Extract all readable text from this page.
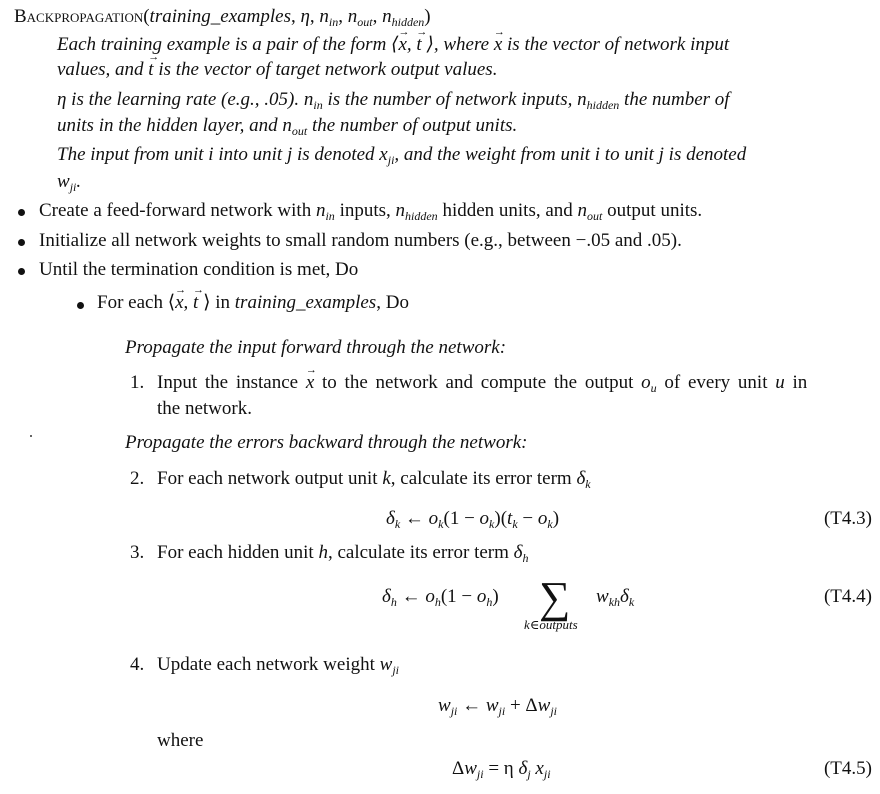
Backpropagation(training_examples, η, $n_{in}$, $n_{out}$, $n_{hidden}$)
Each training example is a pair of the form ⟨→ x, → t ⟩, where → x is the vector of network input
values, and → t is the vector of target network output values.
η is the learning rate (e.g., .05). $n_{in}$ is the number of network inputs, $n_{hidden}$ the number of
units in the hidden layer, and $n_{out}$ the number of output units.
The input from unit i into unit j is denoted $x_{ji}$, and the weight from unit i to unit j is denoted
$w_{ji}$.
Create a feed-forward network with $n_{in}$ inputs, $n_{hidden}$ hidden units, and $n_{out}$ output units.
Initialize all network weights to small random numbers (e.g., between −.05 and .05).
Until the termination condition is met, Do
For each ⟨→ x, → t ⟩ in training_examples, Do
Propagate the input forward through the network:
1. Input the instance → x to the network and compute the output $o_u$ of every unit u in
the network.
Propagate the errors backward through the network:
2. For each network output unit k, calculate its error term $\delta_k$
$\delta_k$ ← $o_k(1 - o_k)(t_k - o_k)$	(T4.3)
3. For each hidden unit h, calculate its error term $\delta_h$
$\delta_h$ ← $o_h(1 - o_h)$ ∑
k∈outputs
$w_{kh}\delta_k$	(T4.4)
4. Update each network weight $w_{ji}$
$w_{ji}$ ← $w_{ji} + \Delta w_{ji}$
where
$\Delta w_{ji} = \eta$ $\delta_j$ $x_{ji}$	(T4.5)
